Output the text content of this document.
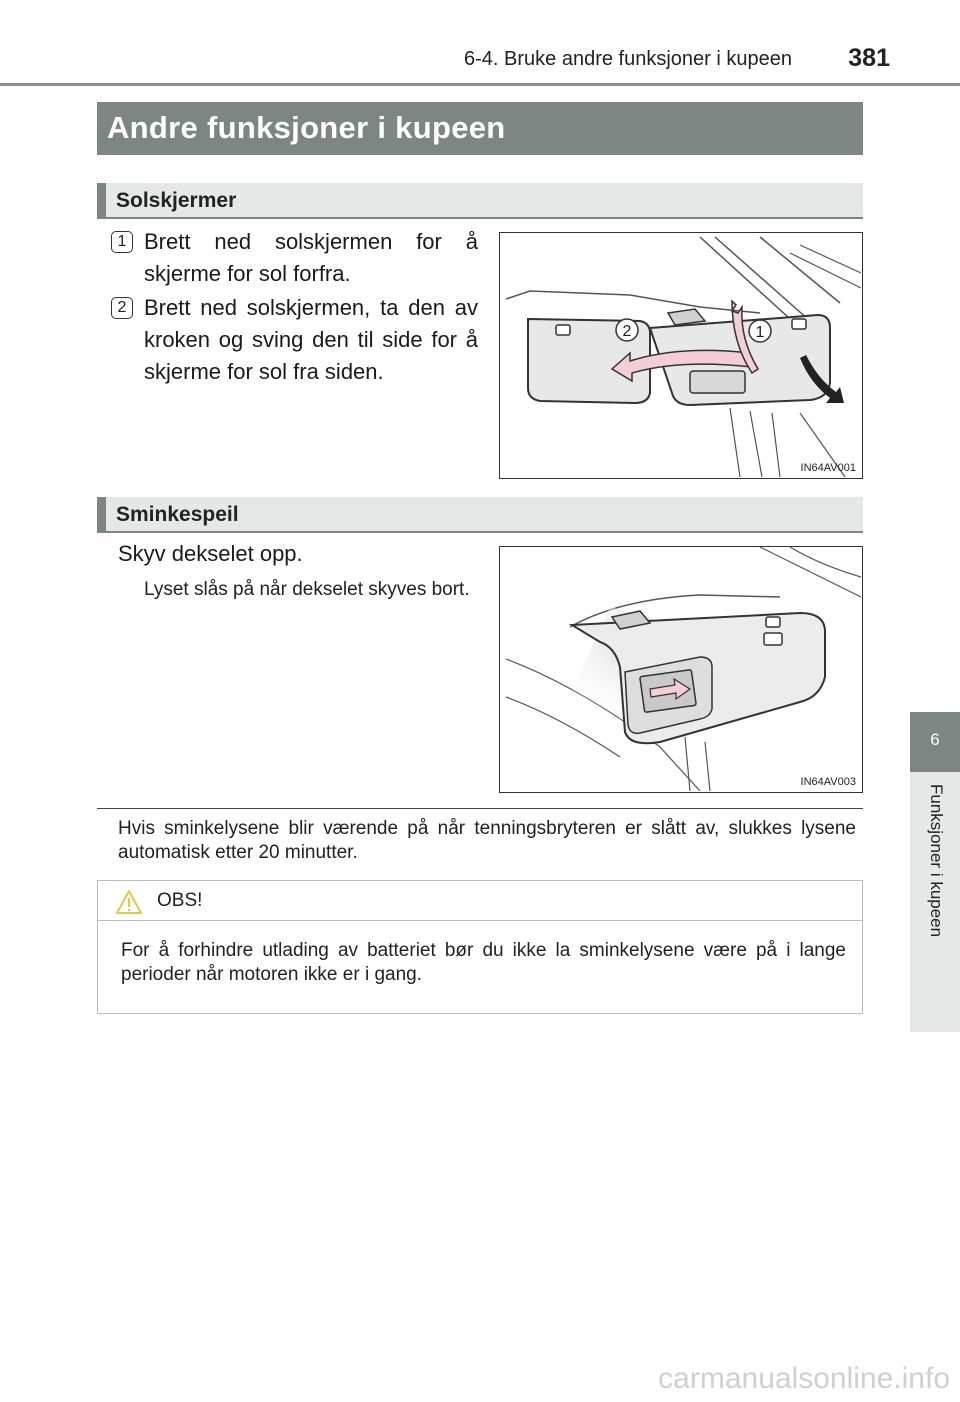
6-4. Bruke andre funksjoner i kupeen	381
Andre funksjoner i kupeen
Solskjermer
1 Brett ned solskjermen for å skjerme for sol forfra.
2 Brett ned solskjermen, ta den av kroken og sving den til side for å skjerme for sol fra siden.
2	1
IN64AV001
Sminkespeil
Skyv dekselet opp.
Lyset slås på når dekselet skyves bort.
IN64AV003
Hvis sminkelysene blir værende på når tenningsbryteren er slått av, slukkes lysene automatisk etter 20 minutter.
OBS!
For å forhindre utlading av batteriet bør du ikke la sminkelysene være på i lange perioder når motoren ikke er i gang.
6
Funksjoner i kupeen
carmanualsonline.info
